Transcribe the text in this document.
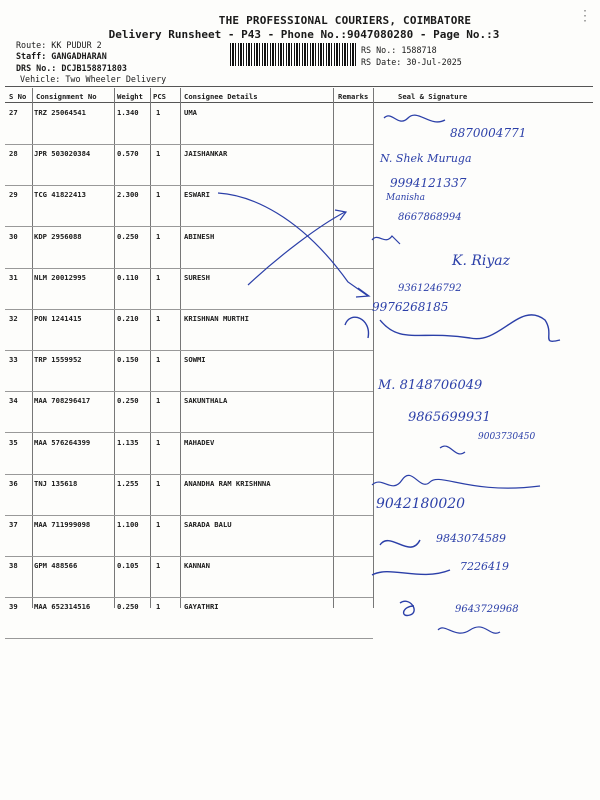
⋮
THE PROFESSIONAL COURIERS, COIMBATORE
Delivery Runsheet - P43 - Phone No.:9047080280 - Page No.:3
Route: KK PUDUR 2
Staff: GANGADHARAN
DRS No.: DCJB158871803
Vehicle: Two Wheeler Delivery
RS No.: 1588718
RS Date: 30-Jul-2025
S No Consignment No	Weight PCS	Consignee Details	Remarks	Seal & Signature
27 TRZ 25064541	1.340 1	UMA
28 JPR 503020384	0.570 1	JAISHANKAR
29 TCG 41822413	2.300 1	ESWARI
30 KDP 2956088	0.250 1	ABINESH
31 NLM 20012995	0.110 1	SURESH
32 PON 1241415	0.210 1	KRISHNAN MURTHI
33 TRP 1559952	0.150 1	SOWMI
34 MAA 708296417	0.250 1	SAKUNTHALA
35 MAA 576264399	1.135 1	MAHADEV
36 TNJ 135618	1.255 1	ANANDHA RAM KRISHNNA
37 MAA 711999098	1.100 1	SARADA BALU
38 GPM 488566	0.105 1	KANNAN
39 MAA 652314516	0.250 1	GAYATHRI
8870004771
N. Shek Muruga
9994121337
Manisha
8667868994
K. Riyaz
9361246792
9976268185
M. 8148706049
9865699931
9003730450
9042180020
9843074589
7226419
9643729968
